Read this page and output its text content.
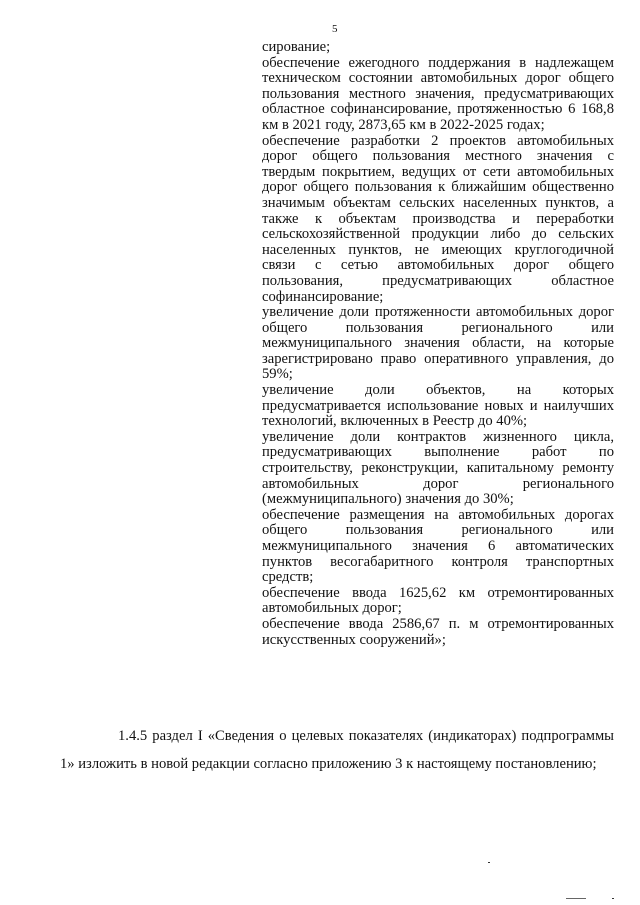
5

сирование;

обеспечение ежегодного поддержания в надлежащем техническом состоянии автомобильных дорог общего пользования местного значения, предусматривающих областное софинансирование, протяженностью 6 168,8 км в 2021 году, 2873,65 км в 2022-2025 годах;

обеспечение разработки 2 проектов автомобильных дорог общего пользования местного значения с твердым покрытием, ведущих от сети автомобильных дорог общего пользования к ближайшим общественно значимым объектам сельских населенных пунктов, а также к объектам производства и переработки сельскохозяйственной продукции либо до сельских населенных пунктов, не имеющих круглогодичной связи с сетью автомобильных дорог общего пользования, предусматривающих областное софинансирование;

увеличение доли протяженности автомобильных дорог общего пользования регионального или межмуниципального значения области, на которые зарегистрировано право оперативного управления, до 59%;

увеличение доли объектов, на которых предусматривается использование новых и наилучших технологий, включенных в Реестр до 40%;

увеличение доли контрактов жизненного цикла, предусматривающих выполнение работ по строительству, реконструкции, капитальному ремонту автомобильных дорог регионального (межмуниципального) значения до 30%;

обеспечение размещения на автомобильных дорогах общего пользования регионального или межмуниципального значения 6 автоматических пунктов весогабаритного контроля транспортных средств;

обеспечение ввода 1625,62 км отремонтированных автомобильных дорог;

обеспечение ввода 2586,67 п. м отремонтированных искусственных сооружений»;

1.4.5 раздел I «Сведения о целевых показателях (индикаторах) подпрограммы 1» изложить в новой редакции согласно приложению 3 к настоящему постановлению;
